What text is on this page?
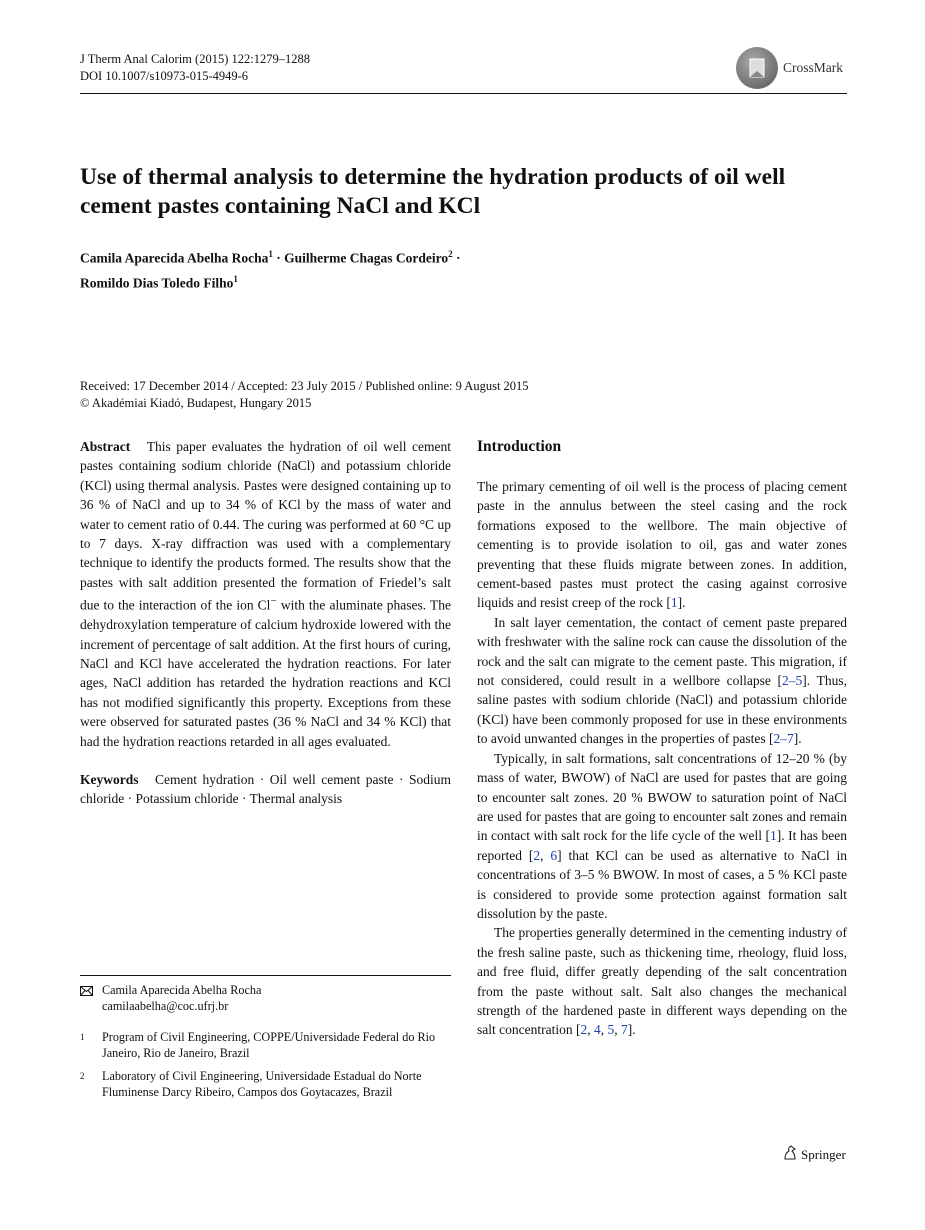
J Therm Anal Calorim (2015) 122:1279–1288
DOI 10.1007/s10973-015-4949-6
CrossMark
Use of thermal analysis to determine the hydration products of oil well cement pastes containing NaCl and KCl
Camila Aparecida Abelha Rocha$^1$ · Guilherme Chagas Cordeiro$^2$ ·
Romildo Dias Toledo Filho$^1$
Received: 17 December 2014 / Accepted: 23 July 2015 / Published online: 9 August 2015
© Akadémiai Kiadó, Budapest, Hungary 2015

Abstract This paper evaluates the hydration of oil well cement pastes containing sodium chloride (NaCl) and potassium chloride (KCl) using thermal analysis. Pastes were designed containing up to 36 % of NaCl and up to 34 % of KCl by the mass of water and water to cement ratio of 0.44. The curing was performed at 60 °C up to 7 days. X-ray diffraction was used with a complementary technique to identify the products formed. The results show that the pastes with salt addition presented the formation of Friedel’s salt due to the interaction of the ion Cl− with the aluminate phases. The dehydroxylation temperature of calcium hydroxide lowered with the increment of percentage of salt addition. At the first hours of curing, NaCl and KCl have accelerated the hydration reactions. For later ages, NaCl addition has retarded the hydration reactions and KCl has not modified significantly this property. Exceptions from these were observed for saturated pastes (36 % NaCl and 34 % KCl) that had the hydration reactions retarded in all ages evaluated.

Keywords Cement hydration · Oil well cement paste · Sodium chloride · Potassium chloride · Thermal analysis

Camila Aparecida Abelha Rocha
camilaabelha@coc.ufrj.br
1 Program of Civil Engineering, COPPE/Universidade Federal do Rio Janeiro, Rio de Janeiro, Brazil
2 Laboratory of Civil Engineering, Universidade Estadual do Norte Fluminense Darcy Ribeiro, Campos dos Goytacazes, Brazil

Introduction

The primary cementing of oil well is the process of placing cement paste in the annulus between the steel casing and the rock formations exposed to the wellbore. The main objective of cementing is to provide isolation to oil, gas and water zones preventing that these fluids migrate between zones. In addition, cement-based pastes must protect the casing against corrosive liquids and resist creep of the rock [1].

In salt layer cementation, the contact of cement paste prepared with freshwater with the saline rock can cause the dissolution of the rock and the salt can migrate to the cement paste. This migration, if not considered, could result in a wellbore collapse [2–5]. Thus, saline pastes with sodium chloride (NaCl) and potassium chloride (KCl) have been commonly proposed for use in these environments to avoid unwanted changes in the properties of pastes [2–7].

Typically, in salt formations, salt concentrations of 12–20 % (by mass of water, BWOW) of NaCl are used for pastes that are going to encounter salt zones. 20 % BWOW to saturation point of NaCl are used for pastes that are going to encounter salt zones and remain in contact with salt rock for the life cycle of the well [1]. It has been reported [2, 6] that KCl can be used as alternative to NaCl in concentrations of 3–5 % BWOW. In most of cases, a 5 % KCl paste is considered to provide some protection against formation salt dissolution by the paste.

The properties generally determined in the cementing industry of the fresh saline paste, such as thickening time, rheology, fluid loss, and free fluid, differ greatly depending of the salt concentration from the paste without salt. Salt also changes the mechanical strength of the hardened paste in different ways depending on the salt concentration [2, 4, 5, 7].

Springer
